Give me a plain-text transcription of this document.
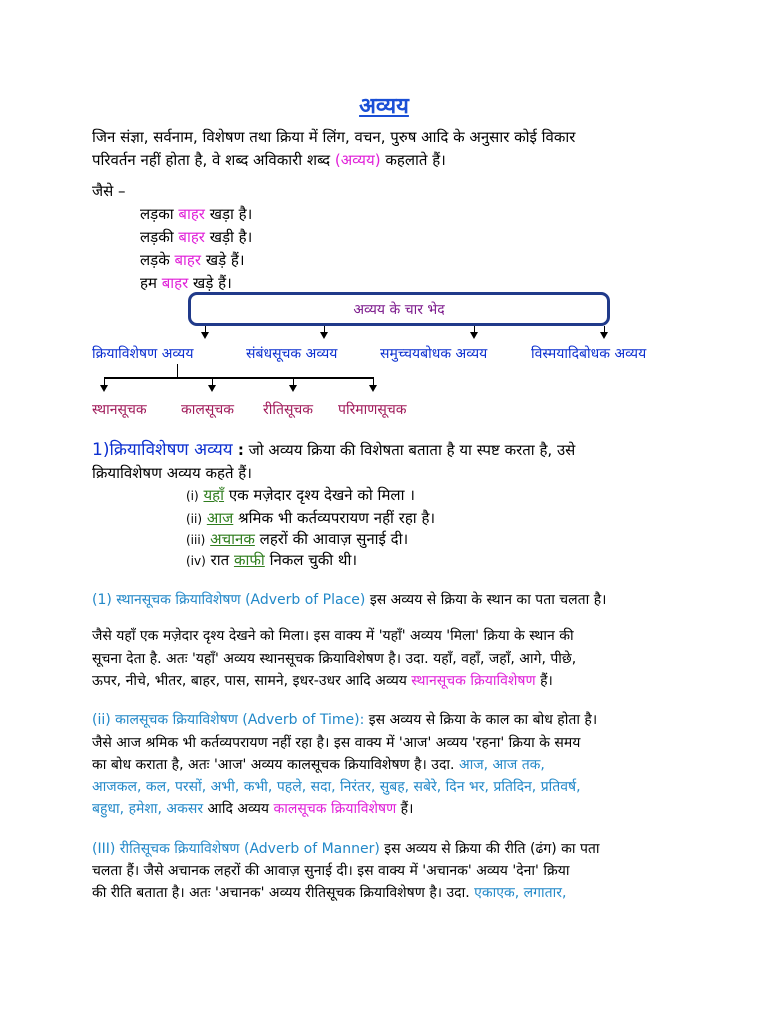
अव्यय
जिन संज्ञा, सर्वनाम, विशेषण तथा क्रिया में लिंग, वचन, पुरुष आदि के अनुसार कोई विकार
परिवर्तन नहीं होता है, वे शब्द अविकारी शब्द (अव्यय) कहलाते हैं।
जैसे –
लड़का बाहर खड़ा है।
लड़की बाहर खड़ी है।
लड़के बाहर खड़े हैं।
हम बाहर खड़े हैं।
अव्यय के चार भेद
क्रियाविशेषण अव्यय	संबंधसूचक अव्यय	समुच्चयबोधक अव्यय	विस्मयादिबोधक अव्यय
स्थानसूचक कालसूचक रीतिसूचक परिमाणसूचक
1)क्रियाविशेषण अव्यय : जो अव्यय क्रिया की विशेषता बताता है या स्पष्ट करता है, उसे
क्रियाविशेषण अव्यय कहते हैं।
(i) यहाँ एक मज़ेदार दृश्य देखने को मिला ।
(ii) आज श्रमिक भी कर्तव्यपरायण नहीं रहा है।
(iii) अचानक लहरों की आवाज़ सुनाई दी।
(iv) रात काफी निकल चुकी थी।
(1) स्थानसूचक क्रियाविशेषण (Adverb of Place) इस अव्यय से क्रिया के स्थान का पता चलता है।
जैसे यहाँ एक मज़ेदार दृश्य देखने को मिला। इस वाक्य में 'यहाँ' अव्यय 'मिला' क्रिया के स्थान की
सूचना देता है. अतः 'यहाँ' अव्यय स्थानसूचक क्रियाविशेषण है। उदा. यहाँ, वहाँ, जहाँ, आगे, पीछे,
ऊपर, नीचे, भीतर, बाहर, पास, सामने, इधर-उधर आदि अव्यय स्थानसूचक क्रियाविशेषण हैं।
(ii) कालसूचक क्रियाविशेषण (Adverb of Time): इस अव्यय से क्रिया के काल का बोध होता है।
जैसे आज श्रमिक भी कर्तव्यपरायण नहीं रहा है। इस वाक्य में 'आज' अव्यय 'रहना' क्रिया के समय
का बोध कराता है, अतः 'आज' अव्यय कालसूचक क्रियाविशेषण है। उदा. आज, आज तक,
आजकल, कल, परसों, अभी, कभी, पहले, सदा, निरंतर, सुबह, सबेरे, दिन भर, प्रतिदिन, प्रतिवर्ष,
बहुधा, हमेशा, अकसर आदि अव्यय कालसूचक क्रियाविशेषण हैं।
(III) रीतिसूचक क्रियाविशेषण (Adverb of Manner) इस अव्यय से क्रिया की रीति (ढंग) का पता
चलता हैं। जैसे अचानक लहरों की आवाज़ सुनाई दी। इस वाक्य में 'अचानक' अव्यय 'देना' क्रिया
की रीति बताता है। अतः 'अचानक' अव्यय रीतिसूचक क्रियाविशेषण है। उदा. एकाएक, लगातार,
